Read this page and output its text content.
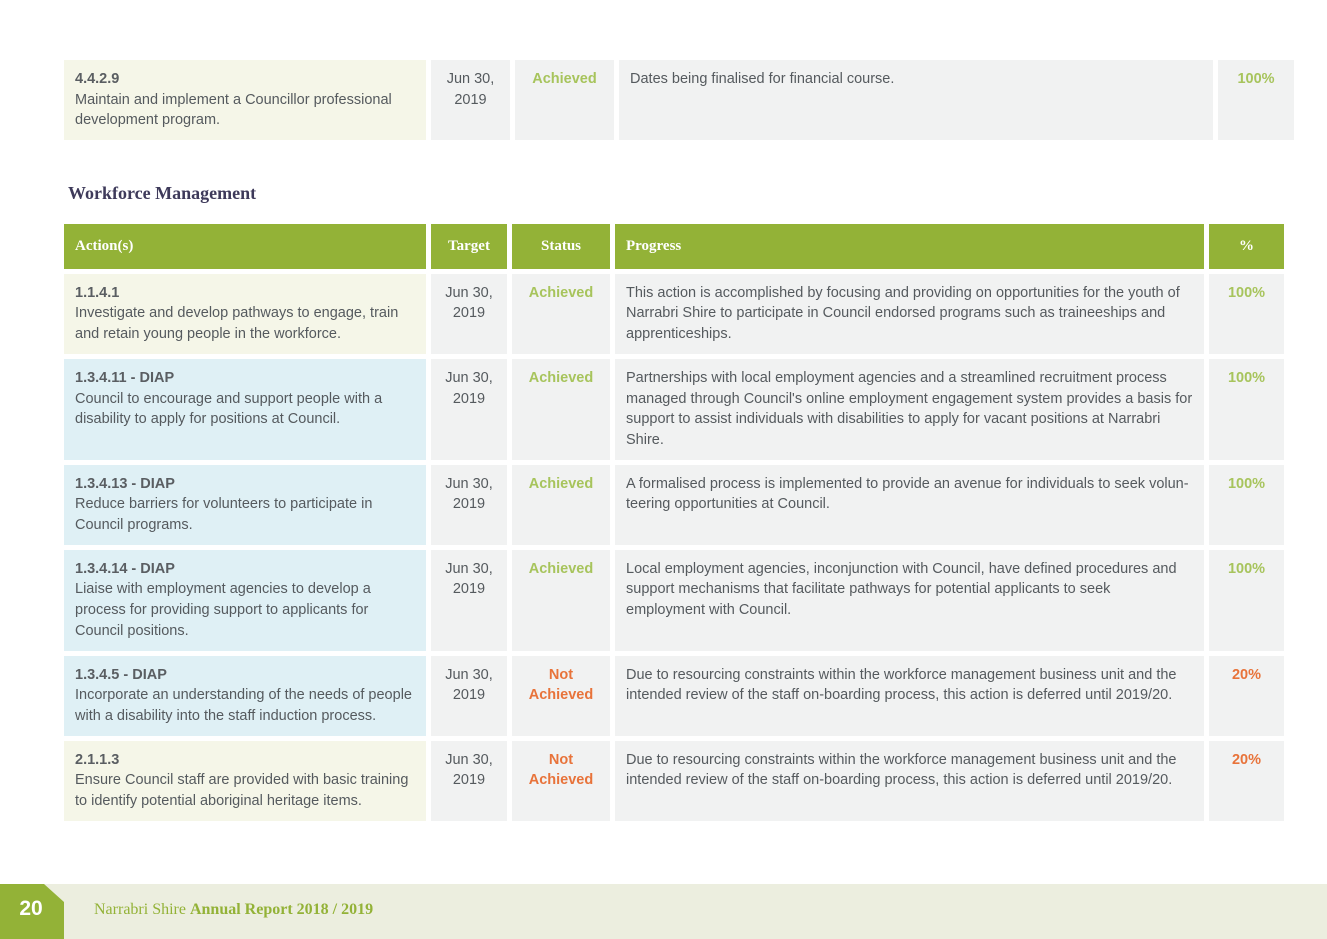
4.4.2.9
Maintain and implement a Councillor professional development program.
	Jun 30, 2019	Achieved	Dates being finalised for financial course.	100%
Workforce Management
Action(s)	Target	Status	Progress	%

1.1.4.1
Investigate and develop pathways to engage, train and retain young people in the workforce.	Jun 30, 2019	Achieved	This action is accomplished by focusing and providing on opportunities for the youth of Narrabri Shire to participate in Council endorsed programs such as traineeships and apprenticeships.	100%

1.3.4.11 - DIAP
Council to encourage and support people with a disability to apply for positions at Council.	Jun 30, 2019	Achieved	Partnerships with local employment agencies and a streamlined recruitment process managed through Council's online employment engagement system provides a basis for support to assist individuals with disabilities to apply for vacant positions at Narrabri Shire.	100%

1.3.4.13 - DIAP
Reduce barriers for volunteers to participate in Council programs.	Jun 30, 2019	Achieved	A formalised process is implemented to provide an avenue for individuals to seek volun-teering opportunities at Council.	100%

1.3.4.14 - DIAP
Liaise with employment agencies to develop a process for providing support to applicants for Council positions.	Jun 30, 2019	Achieved	Local employment agencies, inconjunction with Council, have defined procedures and support mechanisms that facilitate pathways for potential applicants to seek employment with Council.	100%

1.3.4.5 - DIAP
Incorporate an understanding of the needs of people with a disability into the staff induction process.	Jun 30, 2019	Not Achieved	Due to resourcing constraints within the workforce management business unit and the intended review of the staff on-boarding process, this action is deferred until 2019/20.	20%

2.1.1.3
Ensure Council staff are provided with basic training to identify potential aboriginal heritage items.	Jun 30, 2019	Not Achieved	Due to resourcing constraints within the workforce management business unit and the intended review of the staff on-boarding process, this action is deferred until 2019/20.	20%
20	Narrabri Shire Annual Report 2018 / 2019
